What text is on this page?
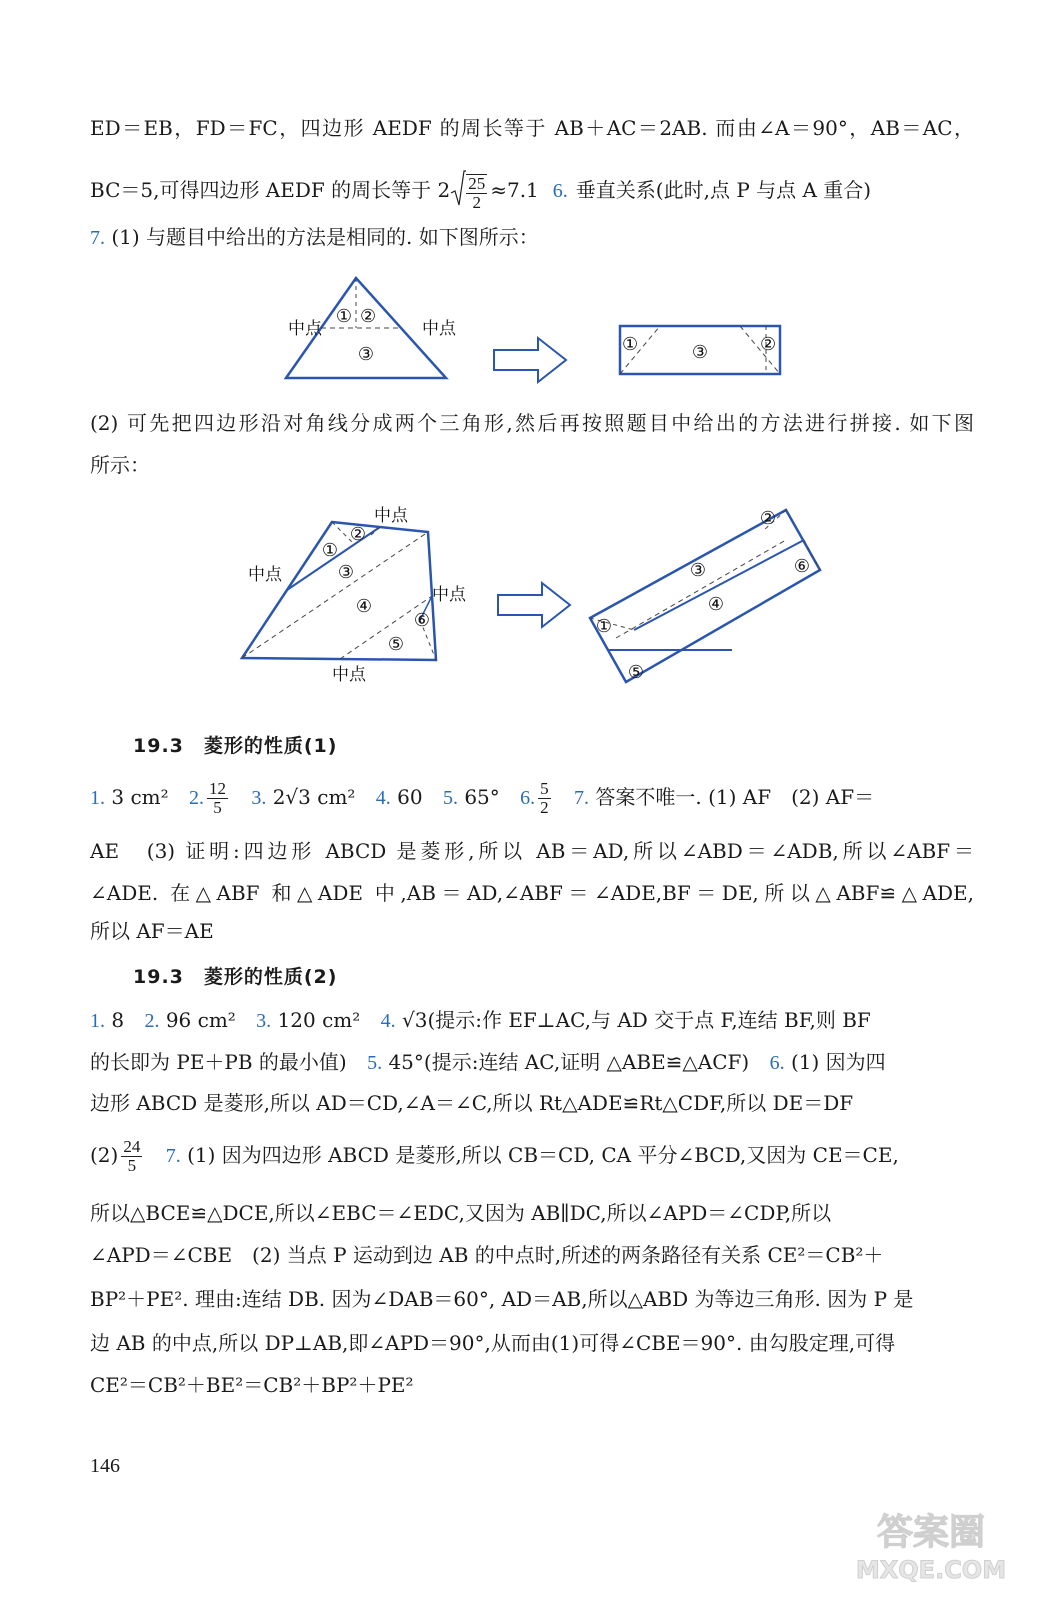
ED＝EB，FD＝FC，四边形 AEDF 的周长等于 AB＋AC＝2AB. 而由∠A＝90°，AB＝AC，
BC＝5,可得四边形 AEDF 的周长等于 $2 \frac{25}{2} \approx 7.1$ 6. 垂直关系(此时,点 P 与点 A 重合)
7. (1) 与题目中给出的方法是相同的. 如下图所示：
① ②
③
中点	中点
①	③	②
(2) 可先把四边形沿对角线分成两个三角形,然后再按照题目中给出的方法进行拼接. 如下图
所示：
①
②
③
④
⑤
⑥
中点
中点
中点
中点
①
②
③
④
⑤
⑥
19.3　菱形的性质(1)
1. 3 cm² 2. $\frac{12}{5} 3$. 2√3 cm² 4. 60 5. 65° 6. $\frac{5}{2} 7$. 答案不唯一. (1) AF　(2) AF＝
AE　(3) 证明:四边形 ABCD 是菱形,所以 AB＝AD,所以∠ABD＝∠ADB,所以∠ABF＝
∠ADE. 在△ABF 和△ADE 中,AB＝AD,∠ABF＝∠ADE,BF＝DE,所以△ABF≌△ADE,
所以 AF＝AE
19.3　菱形的性质(2)
1. 8 2. 96 cm² 3. 120 cm² 4. √3(提示:作 EF⊥AC,与 AD 交于点 F,连结 BF,则 BF
的长即为 PE＋PB 的最小值) 5. 45°(提示:连结 AC,证明 △ABE≌△ACF) 6. (1) 因为四
边形 ABCD 是菱形,所以 AD＝CD,∠A＝∠C,所以 Rt△ADE≌Rt△CDF,所以 DE＝DF
$(2) \frac{24}{5} 7$. (1) 因为四边形 ABCD 是菱形,所以 CB＝CD, CA 平分∠BCD,又因为 CE＝CE,
所以△BCE≌△DCE,所以∠EBC＝∠EDC,又因为 AB∥DC,所以∠APD＝∠CDP,所以
∠APD＝∠CBE　(2) 当点 P 运动到边 AB 的中点时,所述的两条路径有关系 CE²＝CB²＋
BP²＋PE². 理由:连结 DB. 因为∠DAB＝60°, AD＝AB,所以△ABD 为等边三角形. 因为 P 是
边 AB 的中点,所以 DP⊥AB,即∠APD＝90°,从而由(1)可得∠CBE＝90°. 由勾股定理,可得
CE²＝CB²＋BE²＝CB²＋BP²＋PE²
146
答案圈
MXQE.COM
